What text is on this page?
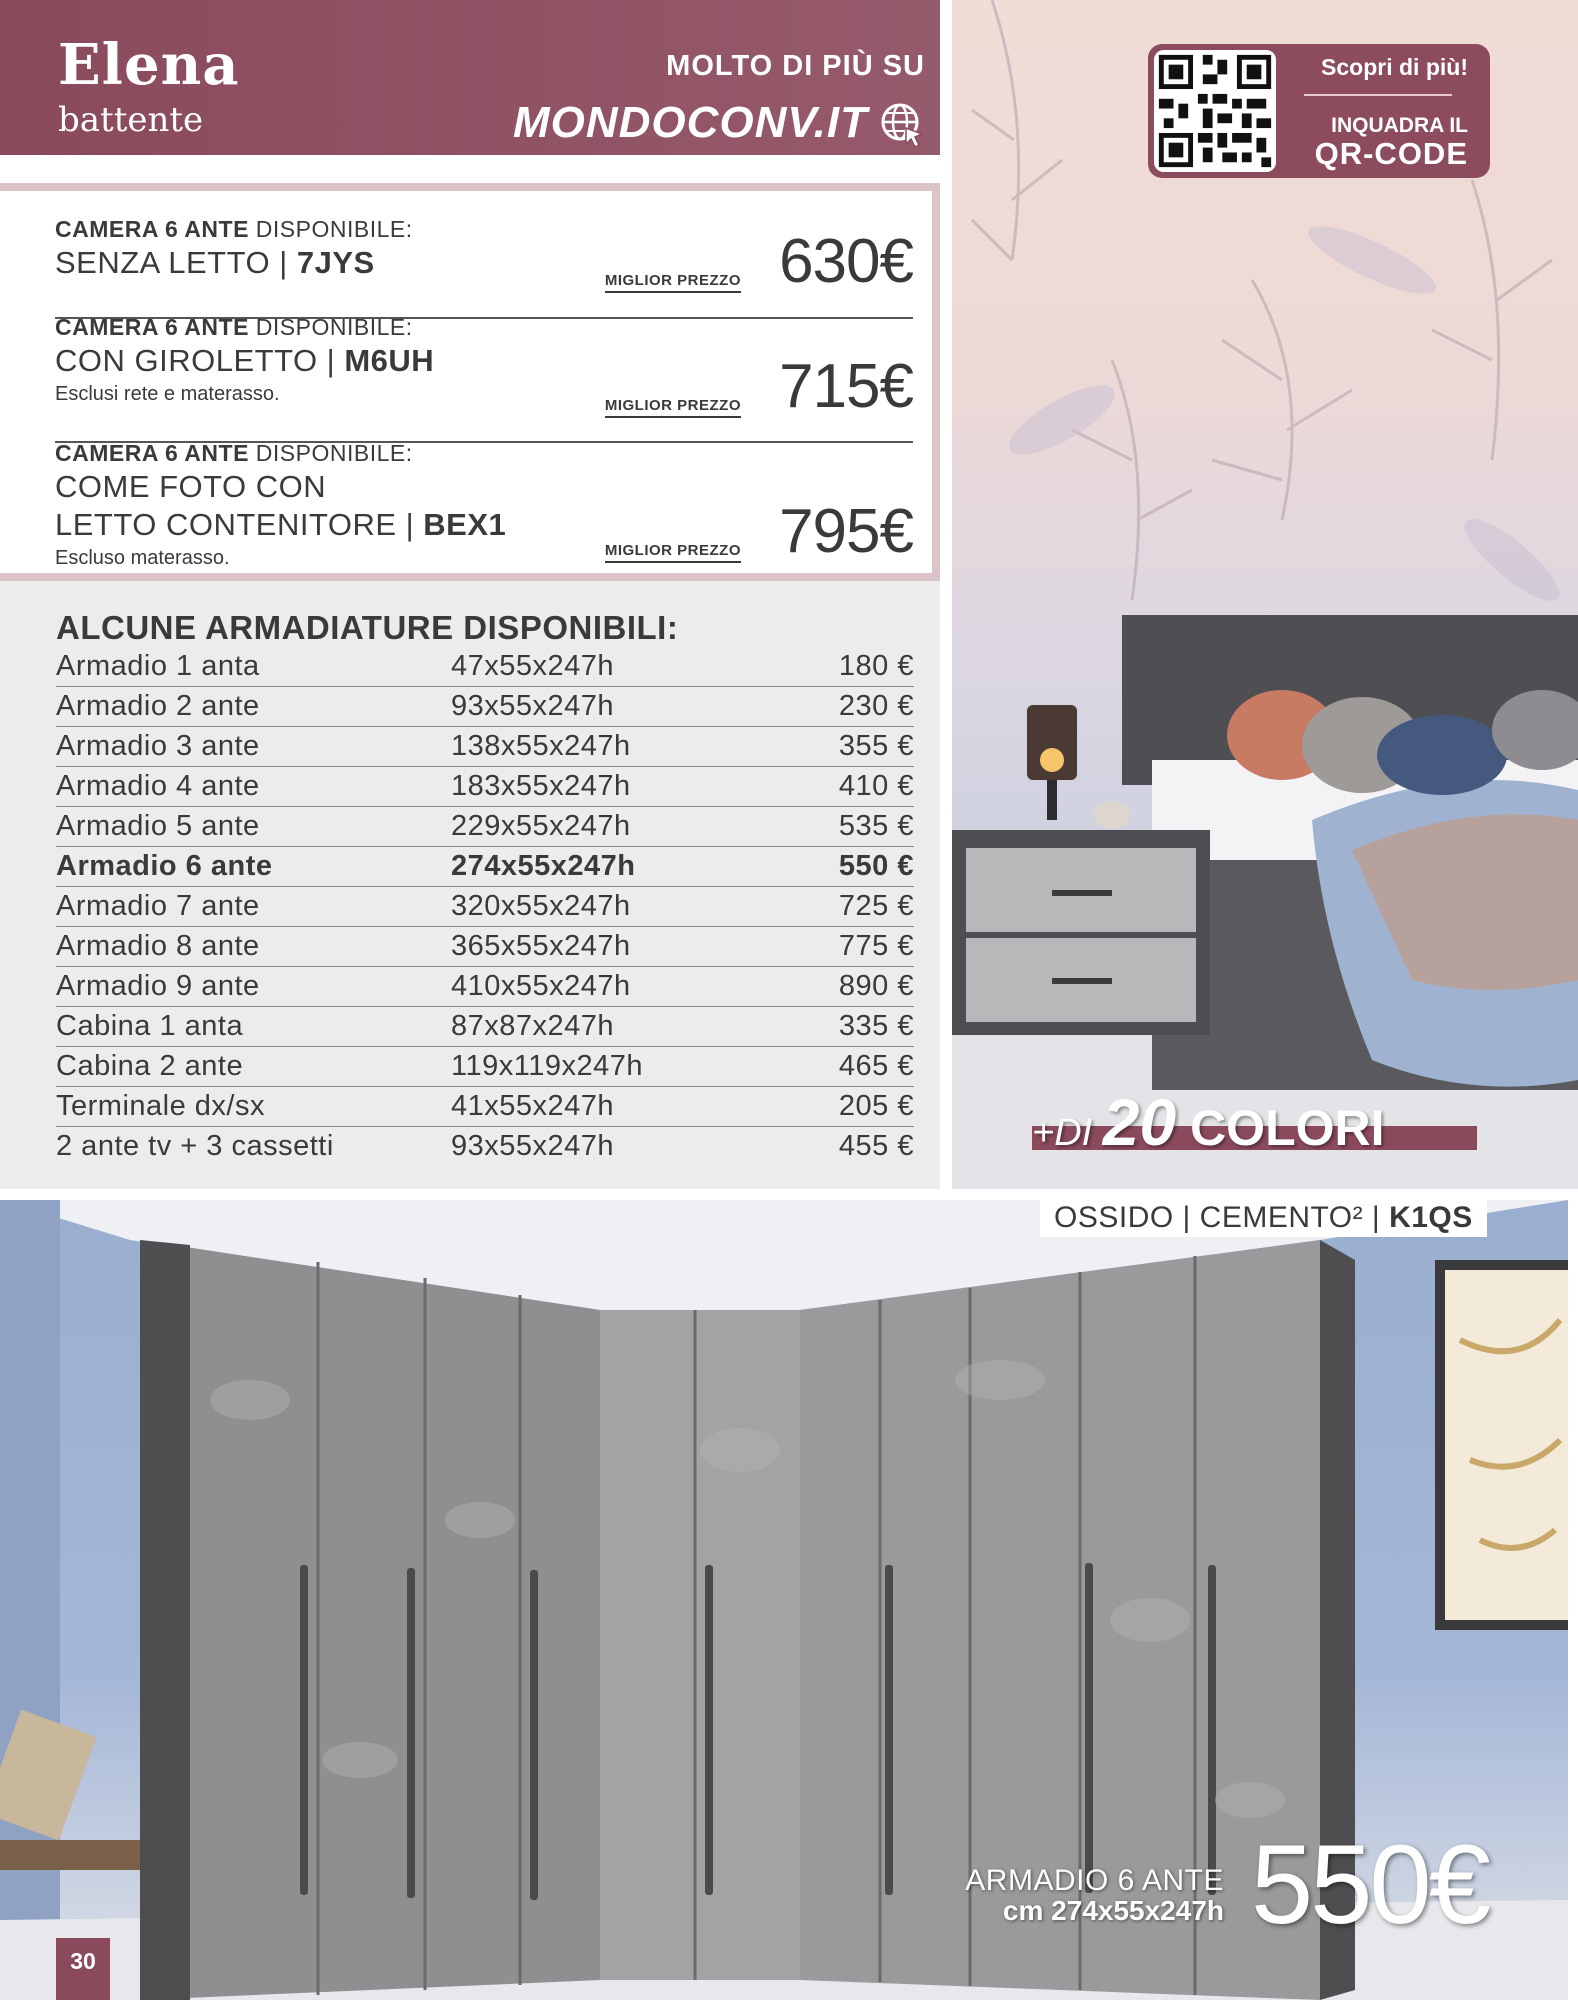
Elena
battente
MOLTO DI PIÙ SU
MONDOCONV.IT
CAMERA 6 ANTE DISPONIBILE:
SENZA LETTO | 7JYS
MIGLIOR PREZZO 630€
CAMERA 6 ANTE DISPONIBILE:
CON GIROLETTO | M6UH
Esclusi rete e materasso.
MIGLIOR PREZZO 715€
CAMERA 6 ANTE DISPONIBILE:
COME FOTO CON
LETTO CONTENITORE | BEX1
Escluso materasso.	MIGLIOR PREZZO 795€
ALCUNE ARMADIATURE DISPONIBILI:
Armadio 1 anta	47x55x247h	180 €
Armadio 2 ante	93x55x247h	230 €
Armadio 3 ante	138x55x247h	355 €
Armadio 4 ante	183x55x247h	410 €
Armadio 5 ante	229x55x247h	535 €
Armadio 6 ante	274x55x247h	550 €
Armadio 7 ante	320x55x247h	725 €
Armadio 8 ante	365x55x247h	775 €
Armadio 9 ante	410x55x247h	890 €
Cabina 1 anta	87x87x247h	335 €
Cabina 2 ante	119x119x247h	465 €
Terminale dx/sx	41x55x247h	205 €
2 ante tv + 3 cassetti	93x55x247h	455 €
Scopri di più!
INQUADRA IL
QR-CODE
+DI 20 COLORI
OSSIDO | CEMENTO² | K1QS
ARMADIO 6 ANTE
cm 274x55x247h 550€
30
